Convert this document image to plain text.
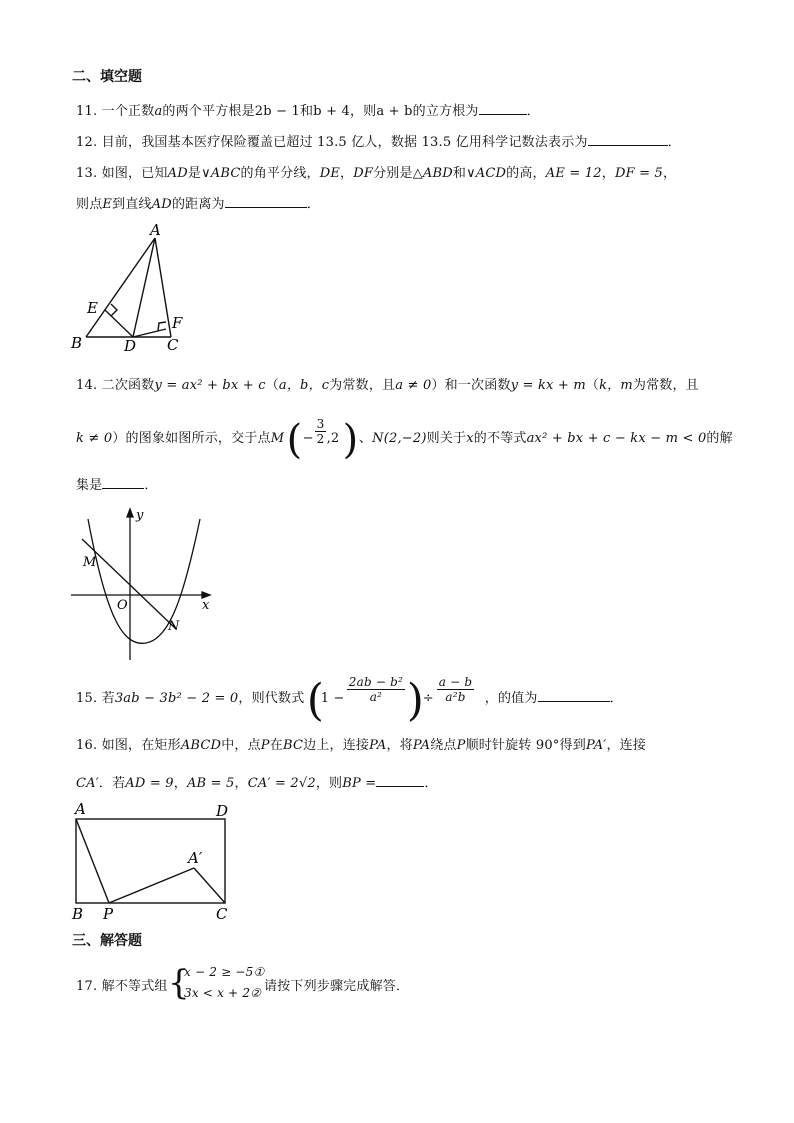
二、填空题
11. 一个正数a的两个平方根是2b − 1和b + 4，则a + b的立方根为	．
12. 目前，我国基本医疗保险覆盖已超过 13.5 亿人，数据 13.5 亿用科学记数法表示为	．
13. 如图，已知AD是∨ABC的角平分线，DE，DF分别是△ABD和∨ACD的高，AE = 12，DF = 5，
则点E到直线AD的距离为	．
A
B	C
D
E
F
14. 二次函数y = ax² + bx + c（a，b，c为常数，且a ≠ 0）和一次函数y = kx + m（k，m为常数，且
k ≠ 0）的图象如图所示，交于点M ( − $\frac{3}{2} ,2$ ) 、N(2,−2)则关于x的不等式ax² + bx + c − kx − m < 0的解
集是	．
y
x
O
M
N
15. 若3ab − 3b² − 2 = 0，则代数式 (
$1 - \frac{\text{2ab − b²}}{\text{a²}}$ )
÷ $\frac{a - b}{\text{a²b}}$ ，的值为	．
16. 如图，在矩形ABCD中，点P在BC边上，连接PA，将PA绕点P顺时针旋转 90°得到PA′，连接
CA′．若AD = 9，AB = 5，CA′ = 2√2，则BP =	．
A	D
B P	C
A′
三、解答题
17. 解不等式组 {
x − 2 ≥ −5①
3x < x + 2② 请按下列步骤完成解答．
